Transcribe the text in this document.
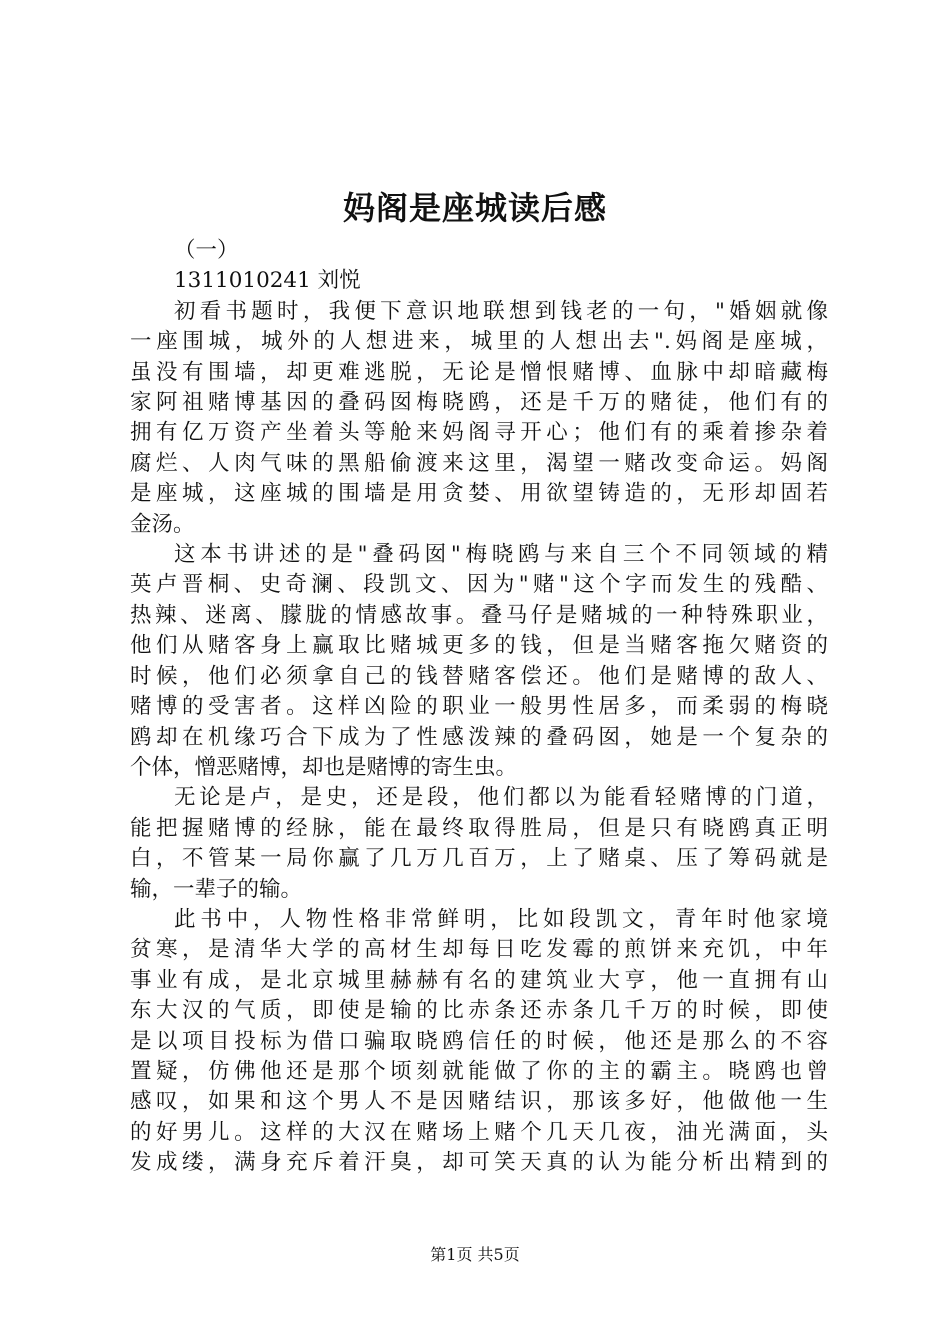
妈阁是座城读后感
（一）
1311010241 刘悦
初看书题时，我便下意识地联想到钱老的一句，"婚姻就像
一座围城，城外的人想进来，城里的人想出去".妈阁是座城，
虽没有围墙，却更难逃脱，无论是憎恨赌博、血脉中却暗藏梅
家阿祖赌博基因的叠码囡梅晓鸥，还是千万的赌徒，他们有的
拥有亿万资产坐着头等舱来妈阁寻开心；他们有的乘着掺杂着
腐烂、人肉气味的黑船偷渡来这里，渴望一赌改变命运。妈阁
是座城，这座城的围墙是用贪婪、用欲望铸造的，无形却固若
金汤。
这本书讲述的是"叠码囡"梅晓鸥与来自三个不同领域的精
英卢晋桐、史奇澜、段凯文、因为"赌"这个字而发生的残酷、
热辣、迷离、朦胧的情感故事。叠马仔是赌城的一种特殊职业，
他们从赌客身上赢取比赌城更多的钱，但是当赌客拖欠赌资的
时候，他们必须拿自己的钱替赌客偿还。他们是赌博的敌人、
赌博的受害者。这样凶险的职业一般男性居多，而柔弱的梅晓
鸥却在机缘巧合下成为了性感泼辣的叠码囡，她是一个复杂的
个体，憎恶赌博，却也是赌博的寄生虫。
无论是卢，是史，还是段，他们都以为能看轻赌博的门道，
能把握赌博的经脉，能在最终取得胜局，但是只有晓鸥真正明
白，不管某一局你赢了几万几百万，上了赌桌、压了筹码就是
输，一辈子的输。
此书中，人物性格非常鲜明，比如段凯文，青年时他家境
贫寒，是清华大学的高材生却每日吃发霉的煎饼来充饥，中年
事业有成，是北京城里赫赫有名的建筑业大亨，他一直拥有山
东大汉的气质，即使是输的比赤条还赤条几千万的时候，即使
是以项目投标为借口骗取晓鸥信任的时候，他还是那么的不容
置疑，仿佛他还是那个顷刻就能做了你的主的霸主。晓鸥也曾
感叹，如果和这个男人不是因赌结识，那该多好，他做他一生
的好男儿。这样的大汉在赌场上赌个几天几夜，油光满面，头
发成缕，满身充斥着汗臭，却可笑天真的认为能分析出精到的
第1页 共5页
